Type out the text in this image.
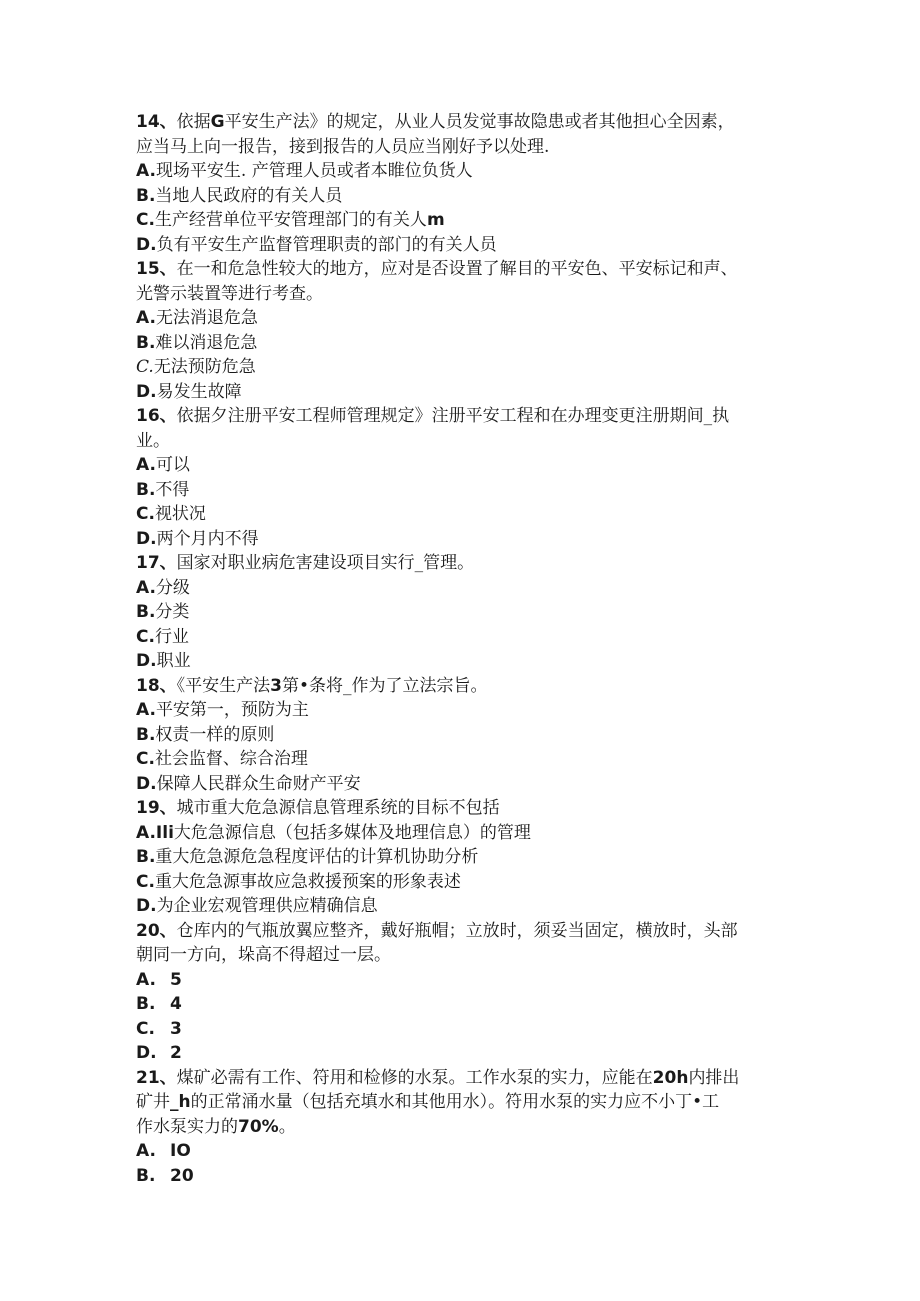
14、依据G平安生产法》的规定，从业人员发觉事故隐患或者其他担心全因素，
应当马上向一报告，接到报告的人员应当刚好予以处理.
A.现场平安生. 产管理人员或者本睢位负货人
B.当地人民政府的有关人员
C.生产经营单位平安管理部门的有关人m
D.负有平安生产监督管理职责的部门的有关人员
15、在一和危急性较大的地方，应对是否设置了解目的平安色、平安标记和声、
光警示装置等进行考查。
A.无法消退危急
B.难以消退危急
C.无法预防危急
D.易发生故障
16、依据夕注册平安工程师管理规定》注册平安工程和在办理变更注册期间_执
业。
A.可以
B.不得
C.视状况
D.两个月内不得
17、国家对职业病危害建设项目实行_管理。
A.分级
B.分类
C.行业
D.职业
18、《平安生产法3第•条将_作为了立法宗旨。
A.平安第一，预防为主
B.权责一样的原则
C.社会监督、综合治理
D.保障人民群众生命财产平安
19、城市重大危急源信息管理系统的目标不包括
A.Ili大危急源信息（包括多媒体及地理信息）的管理
B.重大危急源危急程度评估的计算机协助分析
C.重大危急源事故应急救援预案的形象表述
D.为企业宏观管理供应精确信息
20、仓库内的气瓶放翼应整齐，戴好瓶帽；立放时，须妥当固定，横放时，头部
朝同一方向，垛高不得超过一层。
A. 5
B. 4
C. 3
D. 2
21、煤矿必需有工作、符用和检修的水泵。工作水泵的实力，应能在20h内排出
矿井_h的正常涌水量（包括充填水和其他用水）。符用水泵的实力应不小丁•工
作水泵实力的70%。
A. IO
B. 20
